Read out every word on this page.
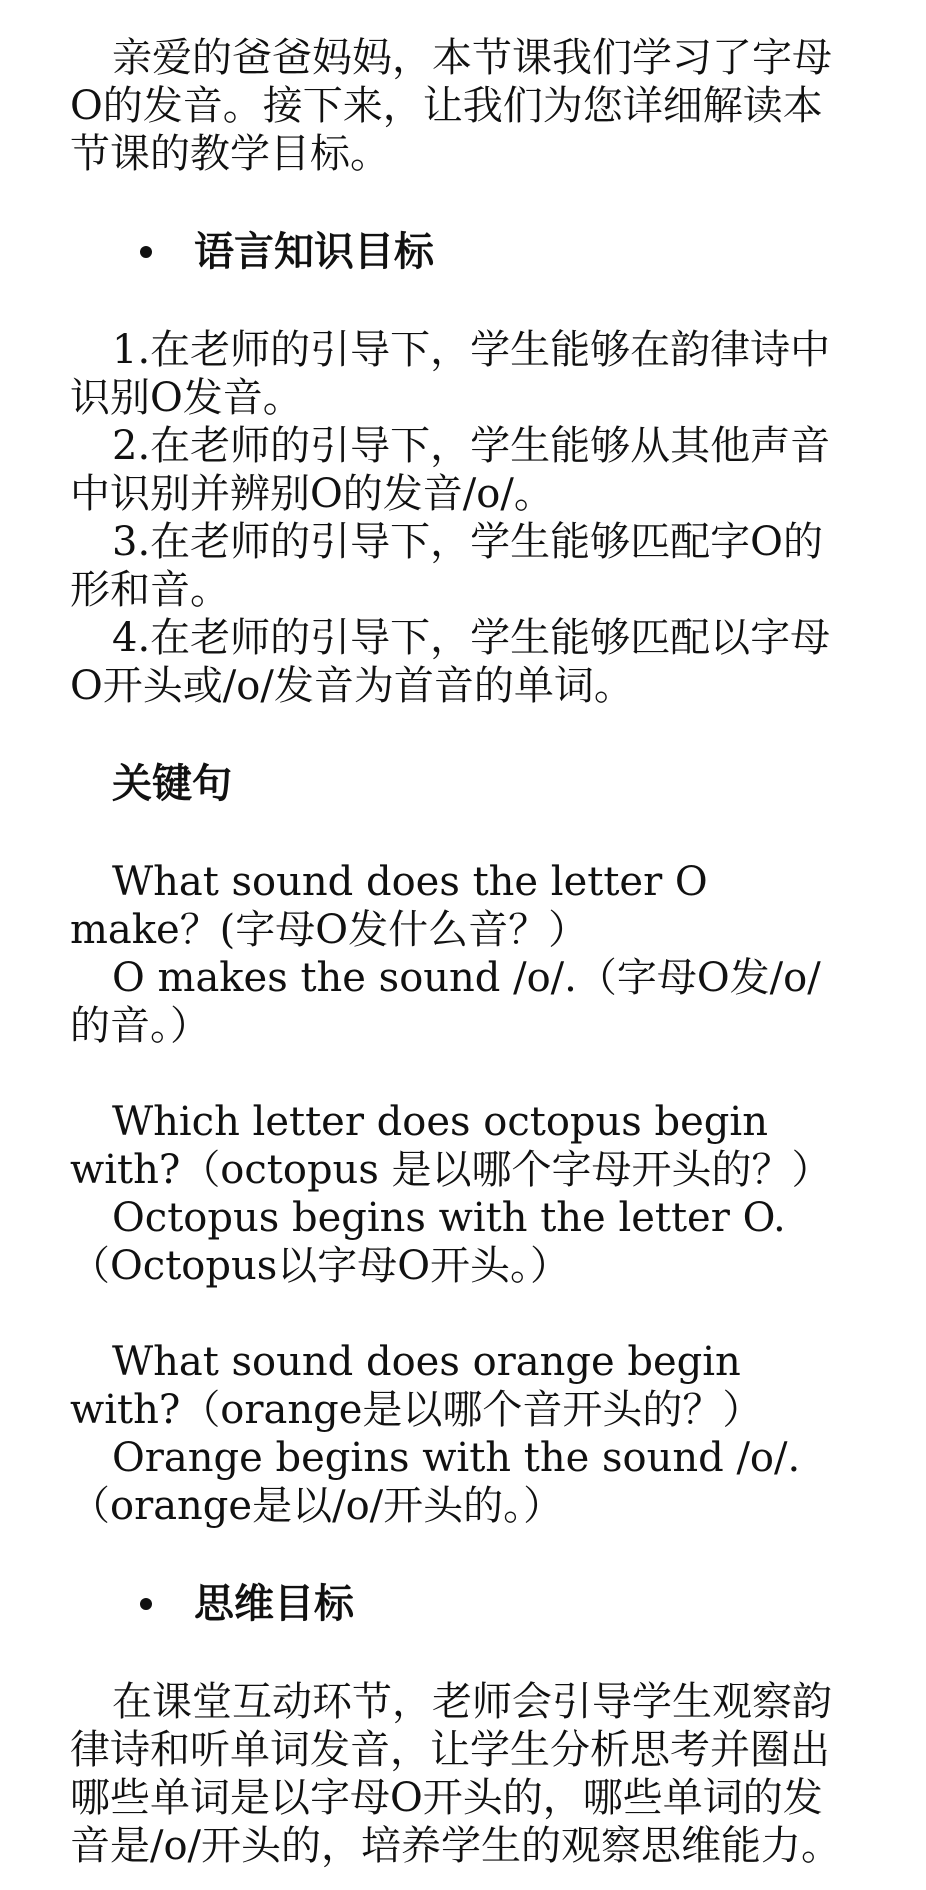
亲爱的爸爸妈妈，本节课我们学习了字母O的发音。接下来，让我们为您详细解读本节课的教学目标。

语言知识目标

1.在老师的引导下，学生能够在韵律诗中识别O发音。

2.在老师的引导下，学生能够从其他声音中识别并辨别O的发音/o/。

3.在老师的引导下，学生能够匹配字O的形和音。

4.在老师的引导下，学生能够匹配以字母O开头或/o/发音为首音的单词。

关键句

What sound does the letter O make？(字母O发什么音？）

O makes the sound /o/.（字母O发/o/的音。）

Which letter does octopus begin with?（octopus 是以哪个字母开头的？）

Octopus begins with the letter O.（Octopus以字母O开头。）

What sound does orange begin with?（orange是以哪个音开头的？）

Orange begins with the sound /o/.（orange是以/o/开头的。）

思维目标

在课堂互动环节，老师会引导学生观察韵律诗和听单词发音，让学生分析思考并圈出哪些单词是以字母O开头的，哪些单词的发音是/o/开头的，培养学生的观察思维能力。
